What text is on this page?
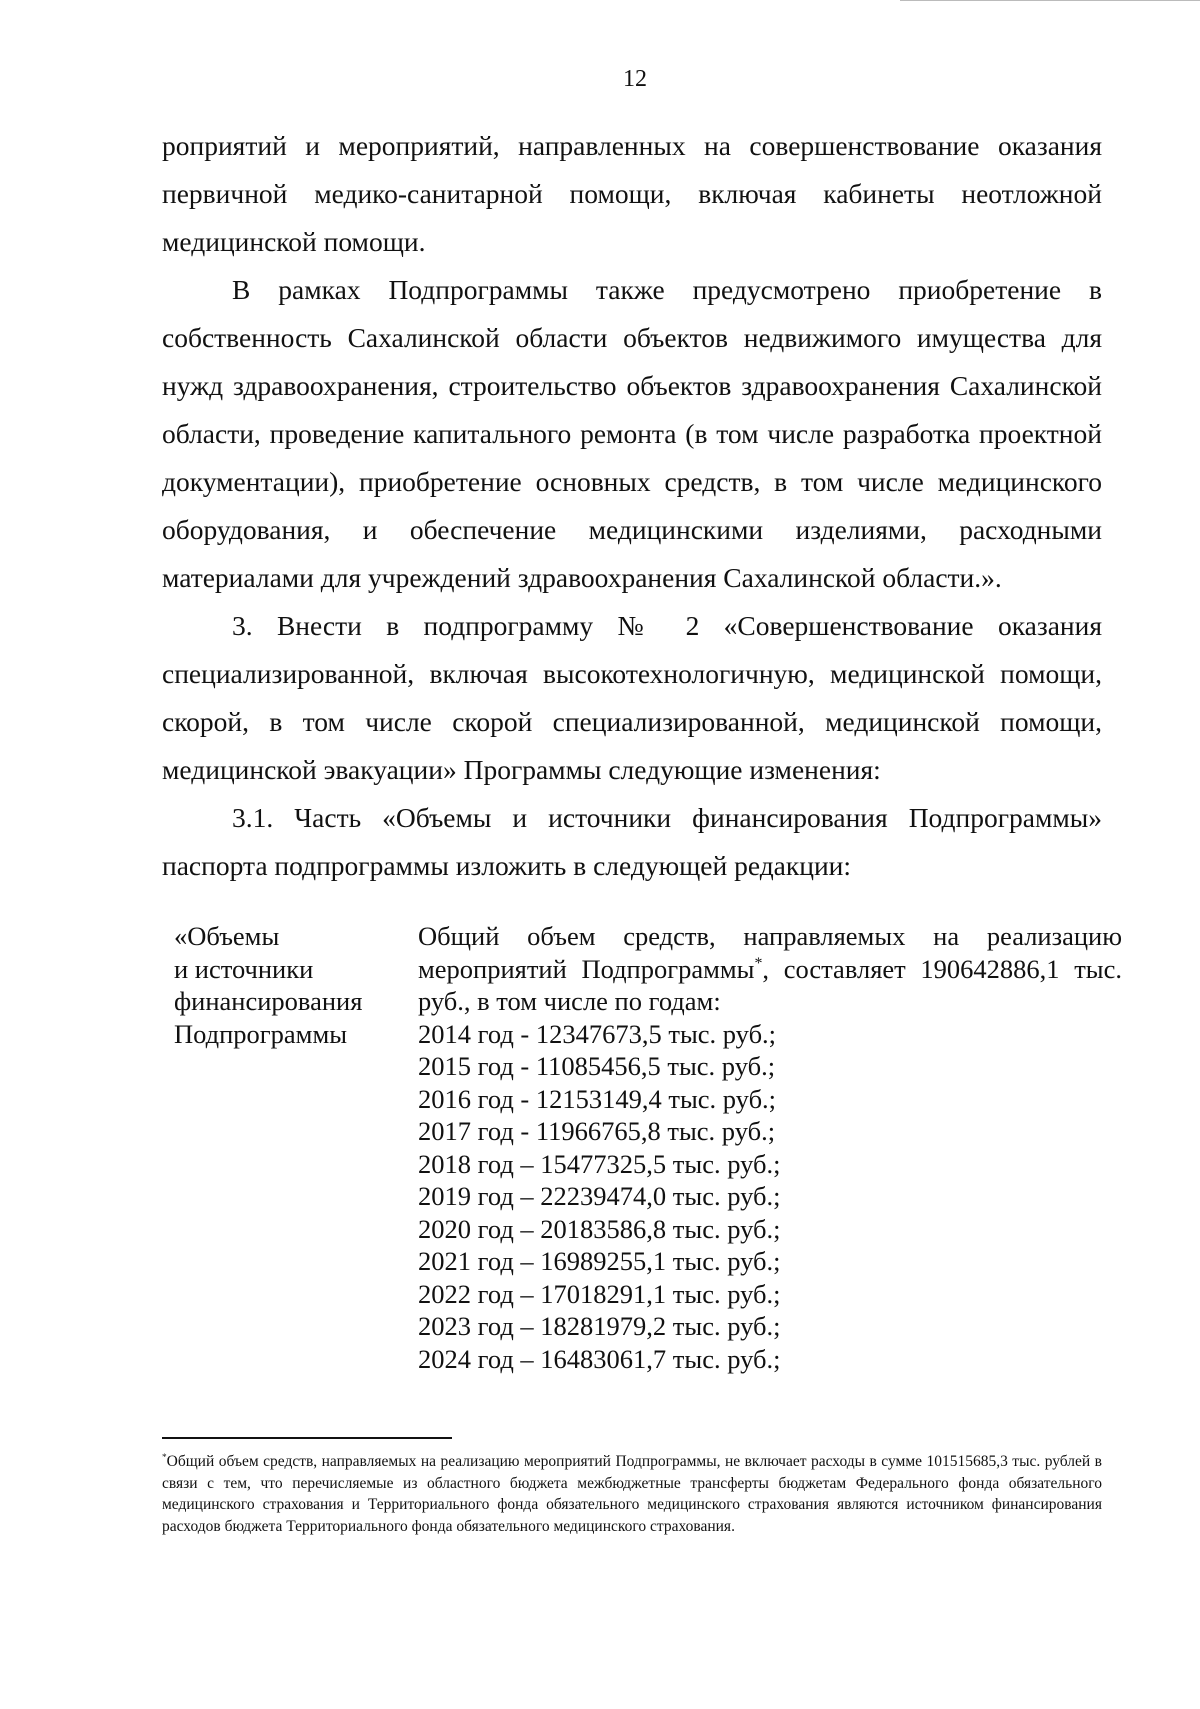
12

роприятий и мероприятий, направленных на совершенствование оказания первичной медико-санитарной помощи, включая кабинеты неотложной медицинской помощи.

В рамках Подпрограммы также предусмотрено приобретение в собственность Сахалинской области объектов недвижимого имущества для нужд здравоохранения, строительство объектов здравоохранения Сахалинской области, проведение капитального ремонта (в том числе разработка проектной документации), приобретение основных средств, в том числе медицинского оборудования, и обеспечение медицинскими изделиями, расходными материалами для учреждений здравоохранения Сахалинской области.».

3. Внести в подпрограмму № 2 «Совершенствование оказания специализированной, включая высокотехнологичную, медицинской помощи, скорой, в том числе скорой специализированной, медицинской помощи, медицинской эвакуации» Программы следующие изменения:

3.1. Часть «Объемы и источники финансирования Подпрограммы» паспорта подпрограммы изложить в следующей редакции:

«Объемы
и источники
финансирования
Подпрограммы
Общий объем средств, направляемых на реализацию мероприятий Подпрограммы*, составляет 190642886,1 тыс. руб., в том числе по годам:
2014 год - 12347673,5 тыс. руб.;
2015 год - 11085456,5 тыс. руб.;
2016 год - 12153149,4 тыс. руб.;
2017 год - 11966765,8 тыс. руб.;
2018 год – 15477325,5 тыс. руб.;
2019 год – 22239474,0 тыс. руб.;
2020 год – 20183586,8 тыс. руб.;
2021 год – 16989255,1 тыс. руб.;
2022 год – 17018291,1 тыс. руб.;
2023 год – 18281979,2 тыс. руб.;
2024 год – 16483061,7 тыс. руб.;
*Общий объем средств, направляемых на реализацию мероприятий Подпрограммы, не включает расходы в сумме 101515685,3 тыс. рублей в связи с тем, что перечисляемые из областного бюджета межбюджетные трансферты бюджетам Федерального фонда обязательного медицинского страхования и Территориального фонда обязательного медицинского страхования являются источником финансирования расходов бюджета Территориального фонда обязательного медицинского страхования.
